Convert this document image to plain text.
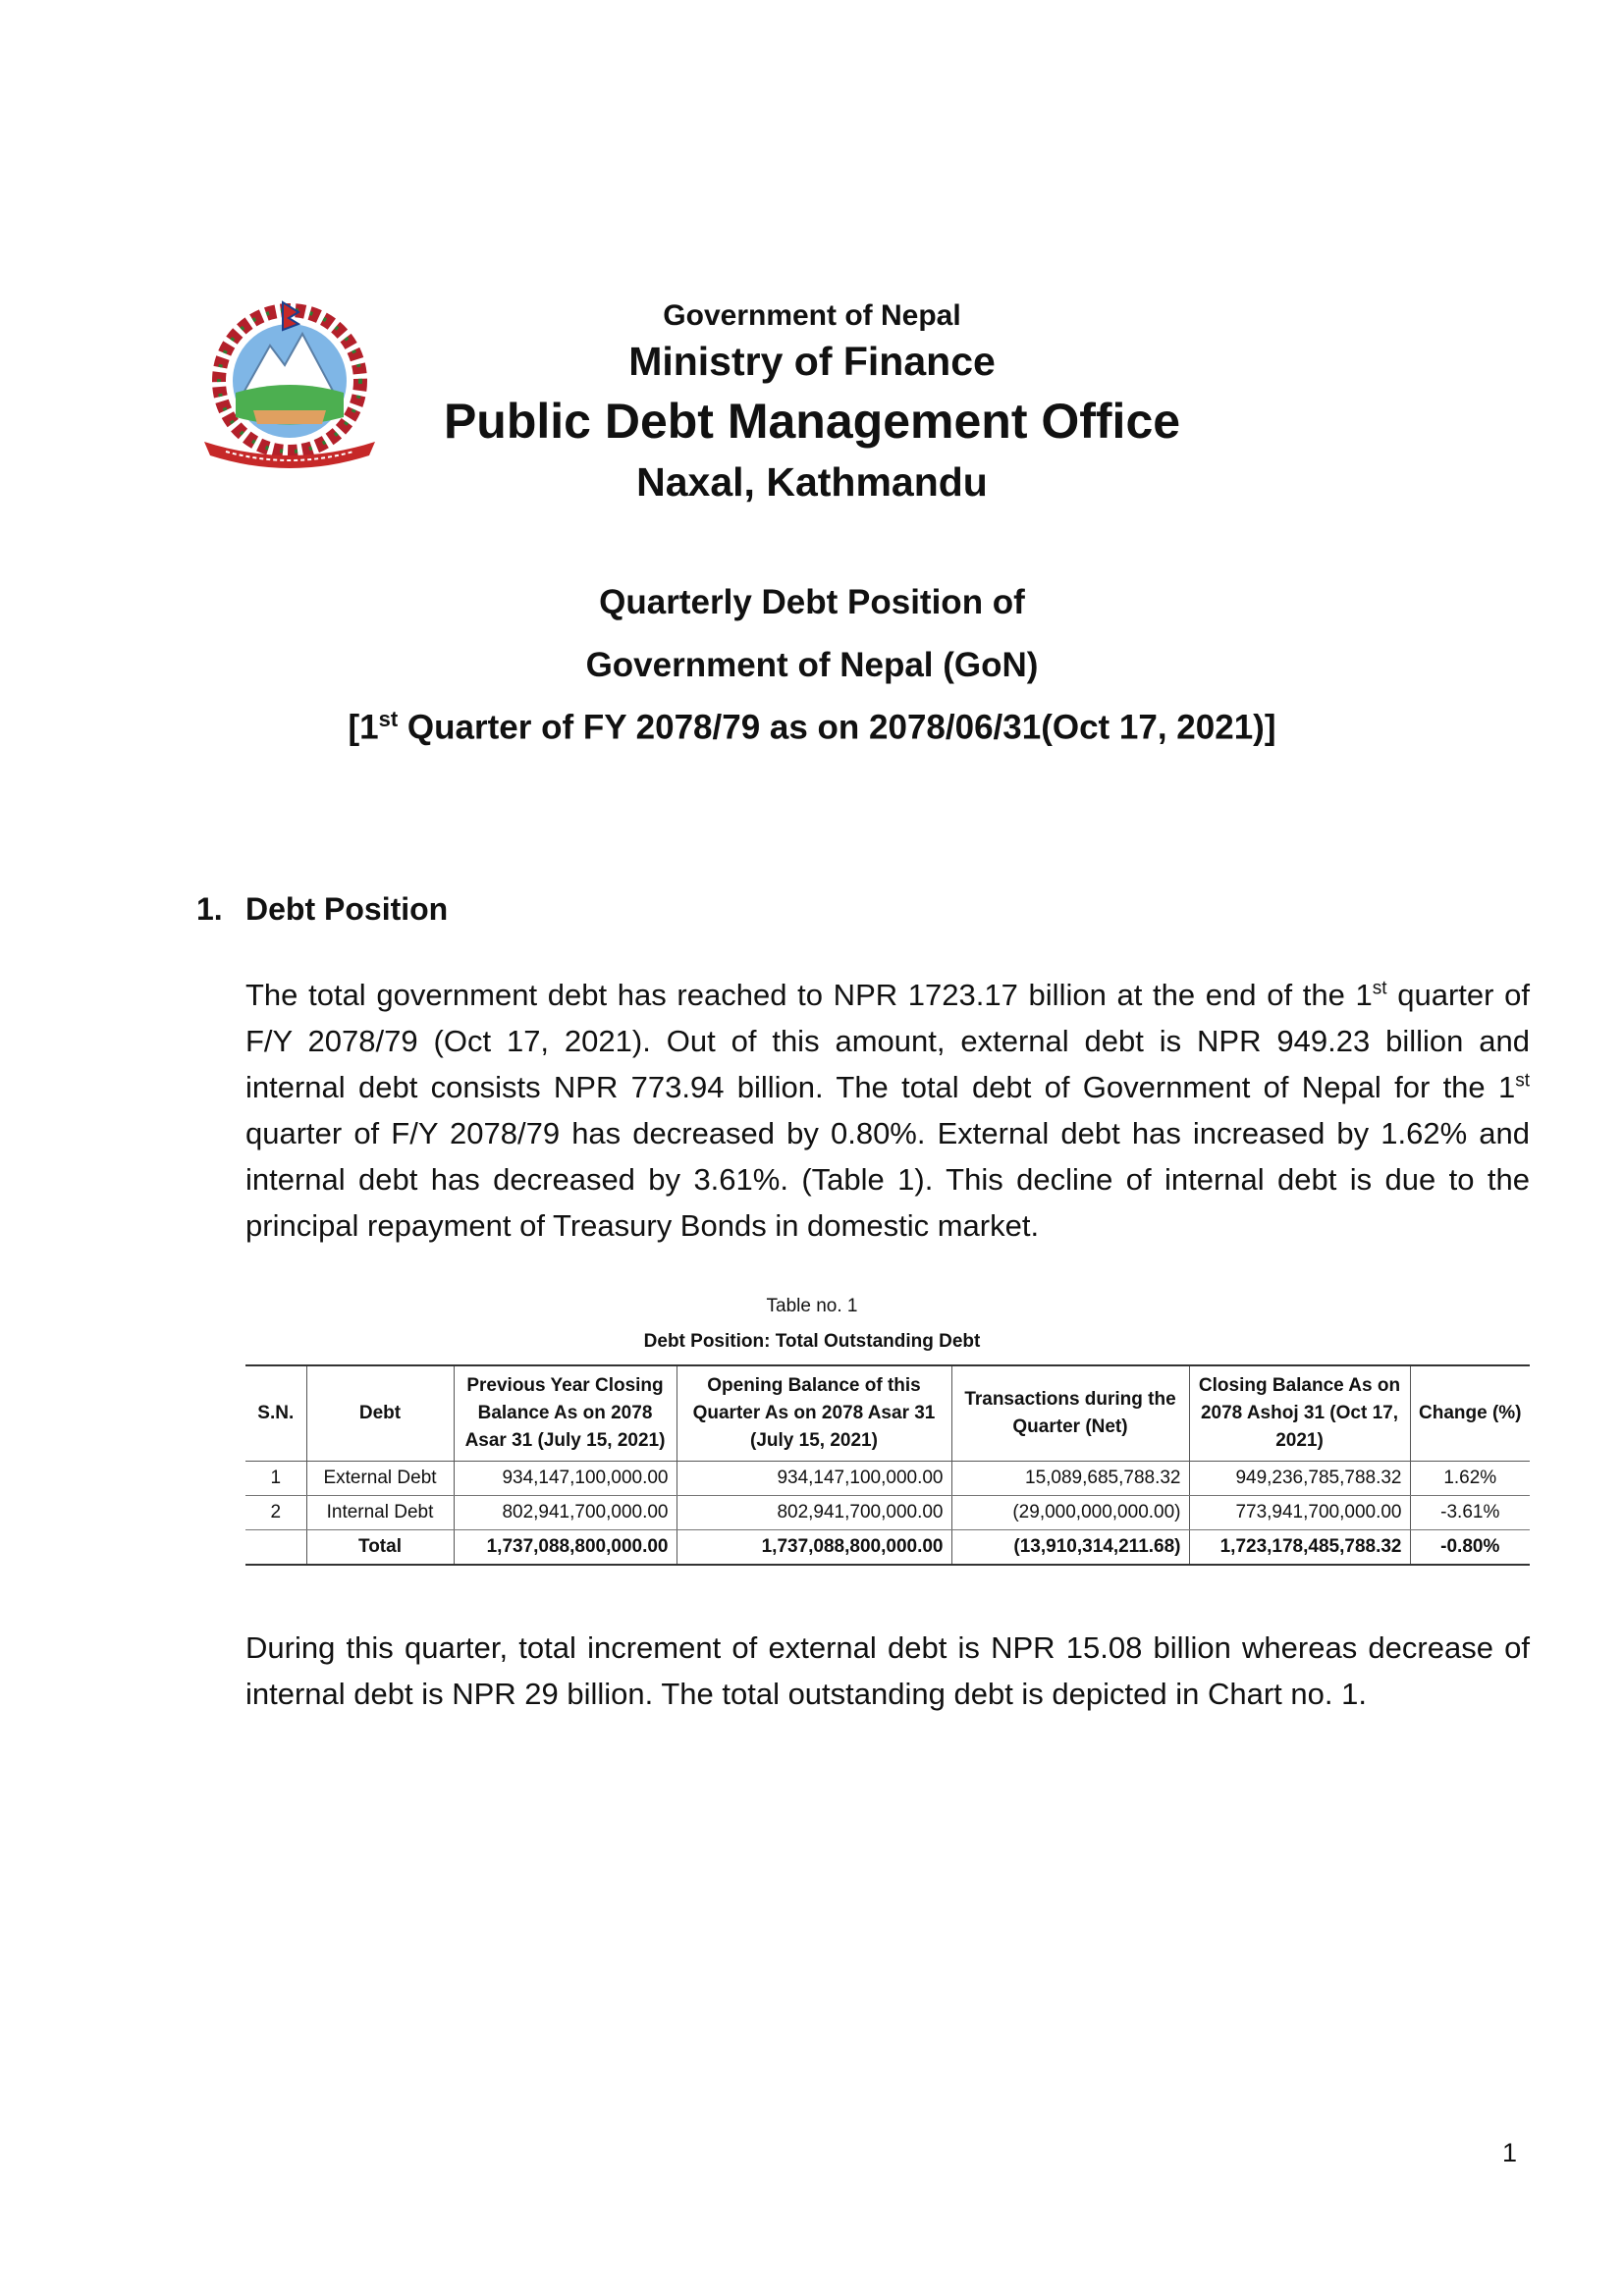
Government of Nepal
Ministry of Finance
Public Debt Management Office
Naxal, Kathmandu
Quarterly Debt Position of
Government of Nepal (GoN)
[1st Quarter of FY 2078/79 as on 2078/06/31(Oct 17, 2021)]
1. Debt Position
The total government debt has reached to NPR 1723.17 billion at the end of the 1st quarter of F/Y 2078/79 (Oct 17, 2021). Out of this amount, external debt is NPR 949.23 billion and internal debt consists NPR 773.94 billion. The total debt of Government of Nepal for the 1st quarter of F/Y 2078/79 has decreased by 0.80%. External debt has increased by 1.62% and internal debt has decreased by 3.61%. (Table 1). This decline of internal debt is due to the principal repayment of Treasury Bonds in domestic market.
Table no. 1
Debt Position: Total Outstanding Debt
S.N.	Debt	Previous Year Closing Balance As on 2078 Asar 31 (July 15, 2021)	Opening Balance of this Quarter As on 2078 Asar 31 (July 15, 2021)	Transactions during the Quarter (Net)	Closing Balance As on 2078 Ashoj 31 (Oct 17, 2021)	Change (%)
1	External Debt	934,147,100,000.00	934,147,100,000.00	15,089,685,788.32	949,236,785,788.32	1.62%
2	Internal Debt	802,941,700,000.00	802,941,700,000.00	(29,000,000,000.00)	773,941,700,000.00	-3.61%
	Total	1,737,088,800,000.00	1,737,088,800,000.00	(13,910,314,211.68)	1,723,178,485,788.32	-0.80%
During this quarter, total increment of external debt is NPR 15.08 billion whereas decrease of internal debt is NPR 29 billion. The total outstanding debt is depicted in Chart no. 1.
1
